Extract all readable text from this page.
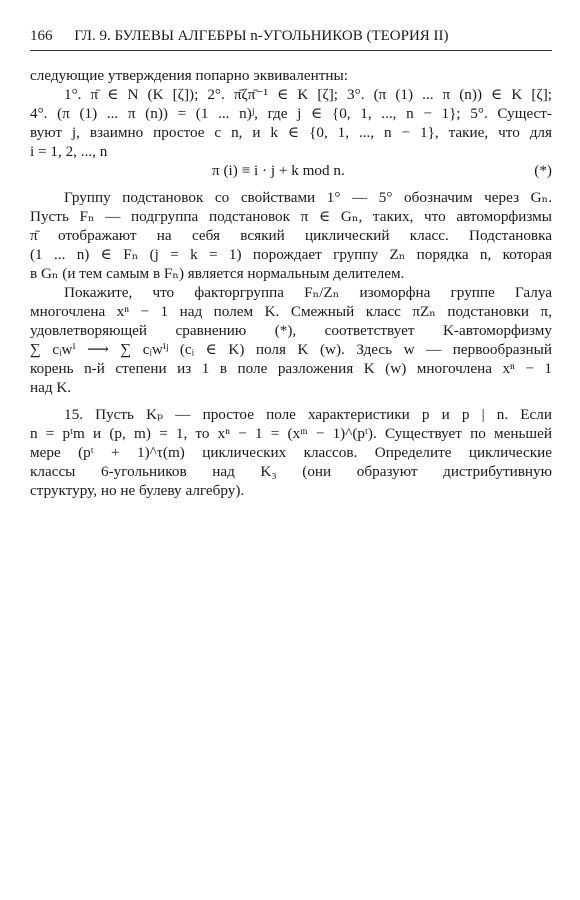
166 ГЛ. 9. БУЛЕВЫ АЛГЕБРЫ n-УГОЛЬНИКОВ (ТЕОРИЯ II)
следующие утверждения попарно эквивалентны:
1°. π̄ ∈ N (K [ζ]); 2°. π̄ζπ̄⁻¹ ∈ K [ζ]; 3°. (π (1) ... π (n)) ∈ K [ζ];
4°. (π (1) ... π (n)) = (1 ... n)ʲ, где j ∈ {0, 1, ..., n − 1}; 5°. Сущест-
вуют j, взаимно простое с n, и k ∈ {0, 1, ..., n − 1}, такие, что для
i = 1, 2, ..., n
π (i) ≡ i · j + k mod n.	(*)
Группу подстановок со свойствами 1° — 5° обозначим через Gₙ.
Пусть Fₙ — подгруппа подстановок π ∈ Gₙ, таких, что автоморфизмы
π̄ отображают на себя всякий циклический класс. Подстановка
(1 ... n) ∈ Fₙ (j = k = 1) порождает группу Zₙ порядка n, которая
в Gₙ (и тем самым в Fₙ) является нормальным делителем.
Покажите, что факторгруппа Fₙ/Zₙ изоморфна группе Галуа
многочлена xⁿ − 1 над полем K. Смежный класс πZₙ подстановки π,
удовлетворяющей сравнению (*), соответствует K-автоморфизму
∑ cᵢwⁱ ⟶ ∑ cᵢwⁱʲ (cᵢ ∈ K) поля K (w). Здесь w — первообразный
корень n-й степени из 1 в поле разложения K (w) многочлена xⁿ − 1
над K.
15. Пусть Kₚ — простое поле характеристики p и p | n. Если
n = pᵗm и (p, m) = 1, то xⁿ − 1 = (xᵐ − 1)^(pᵗ). Существует по меньшей
мере (pᵗ + 1)^τ(m) циклических классов. Определите циклические
классы 6-угольников над K₃ (они образуют дистрибутивную
структуру, но не булеву алгебру).
